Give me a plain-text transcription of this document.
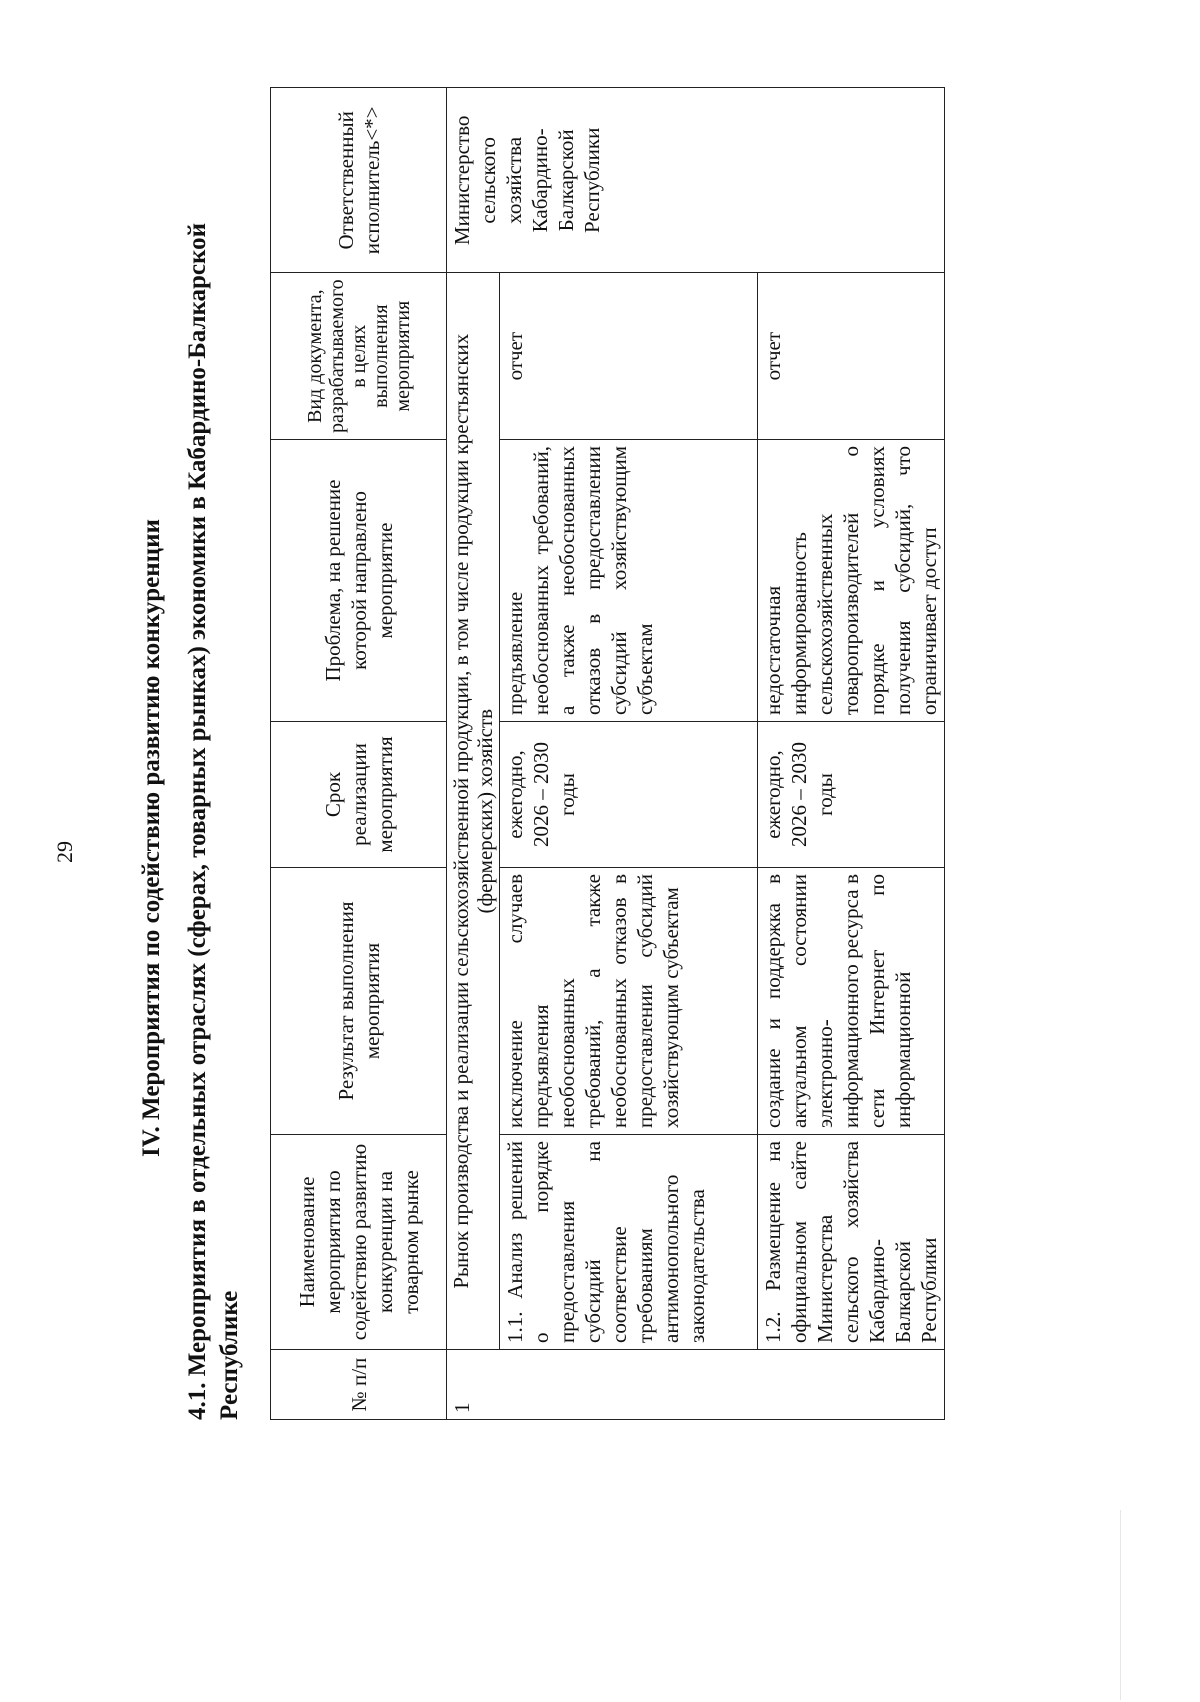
29 IV. Мероприятия по содействию развитию конкуренции 4.1. Мероприятия в отдельных отраслях (сферах, товарных рынках) экономики в Кабардино-Балкарской Республике	№ п/п	Наименование мероприятия по содействию развитию конкуренции на товарном рынке	Результат выполнения мероприятия	Срок реализации мероприятия	Проблема, на решение которой направлено мероприятие	Вид документа, разрабатываемого в целях выполнения мероприятия	Ответственный исполнитель<*>
1	Рынок производства и реализации сельскохозяйственной продукции, в том числе продукции крестьянских (фермерских) хозяйств					Министерство сельского хозяйства Кабардино-Балкарской Республики
	1.1. Анализ решений о порядке предоставления субсидий на соответствие требованиям антимонопольного законодательства	исключение случаев предъявления необоснованных требований, а также необоснованных отказов в предоставлении субсидий хозяйствующим субъектам	ежегодно, 2026 – 2030 годы	предъявление необоснованных требований, а также необоснованных отказов в предоставлении субсидий хозяйствующим субъектам	отчет	
	1.2. Размещение на официальном сайте Министерства сельского хозяйства Кабардино-Балкарской Республики	создание и поддержка в актуальном состоянии электронно-информационного ресурса в сети Интернет по информационной	ежегодно, 2026 – 2030 годы	недостаточная информированность сельскохозяйственных товаропроизводителей о порядке и условиях получения субсидий, что ограничивает доступ	отчет	
